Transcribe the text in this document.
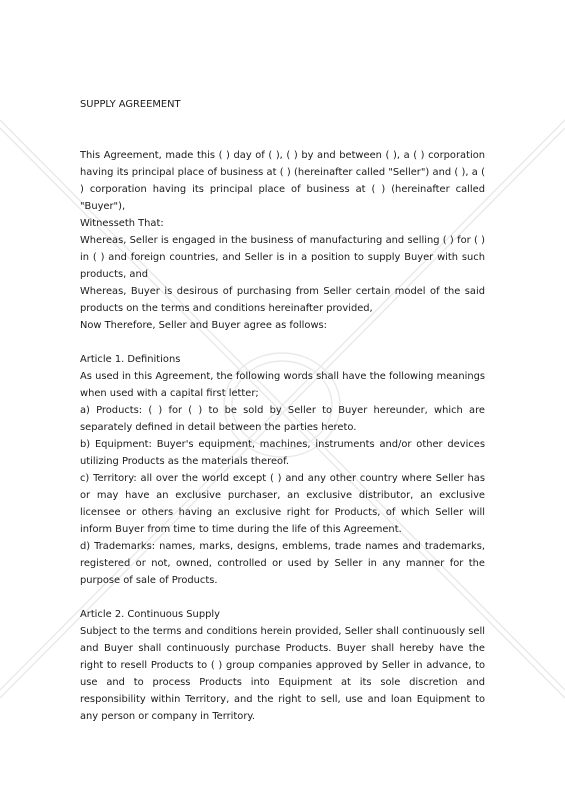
SUPPLY AGREEMENT

This Agreement, made this ( ) day of ( ), ( ) by and between ( ), a ( ) corporation having its principal place of business at ( ) (hereinafter called "Seller") and ( ), a ( ) corporation having its principal place of business at ( ) (hereinafter called "Buyer"),

Witnesseth That:

Whereas, Seller is engaged in the business of manufacturing and selling ( ) for ( ) in ( ) and foreign countries, and Seller is in a position to supply Buyer with such products, and

Whereas, Buyer is desirous of purchasing from Seller certain model of the said products on the terms and conditions hereinafter provided,

Now Therefore, Seller and Buyer agree as follows:

Article 1. Definitions

As used in this Agreement, the following words shall have the following meanings when used with a capital first letter;

a) Products: ( ) for ( ) to be sold by Seller to Buyer hereunder, which are separately defined in detail between the parties hereto.

b) Equipment: Buyer's equipment, machines, instruments and/or other devices utilizing Products as the materials thereof.

c) Territory: all over the world except ( ) and any other country where Seller has or may have an exclusive purchaser, an exclusive distributor, an exclusive licensee or others having an exclusive right for Products, of which Seller will inform Buyer from time to time during the life of this Agreement.

d) Trademarks: names, marks, designs, emblems, trade names and trademarks, registered or not, owned, controlled or used by Seller in any manner for the purpose of sale of Products.

Article 2. Continuous Supply

Subject to the terms and conditions herein provided, Seller shall continuously sell and Buyer shall continuously purchase Products. Buyer shall hereby have the right to resell Products to ( ) group companies approved by Seller in advance, to use and to process Products into Equipment at its sole discretion and responsibility within Territory, and the right to sell, use and loan Equipment to any person or company in Territory.
